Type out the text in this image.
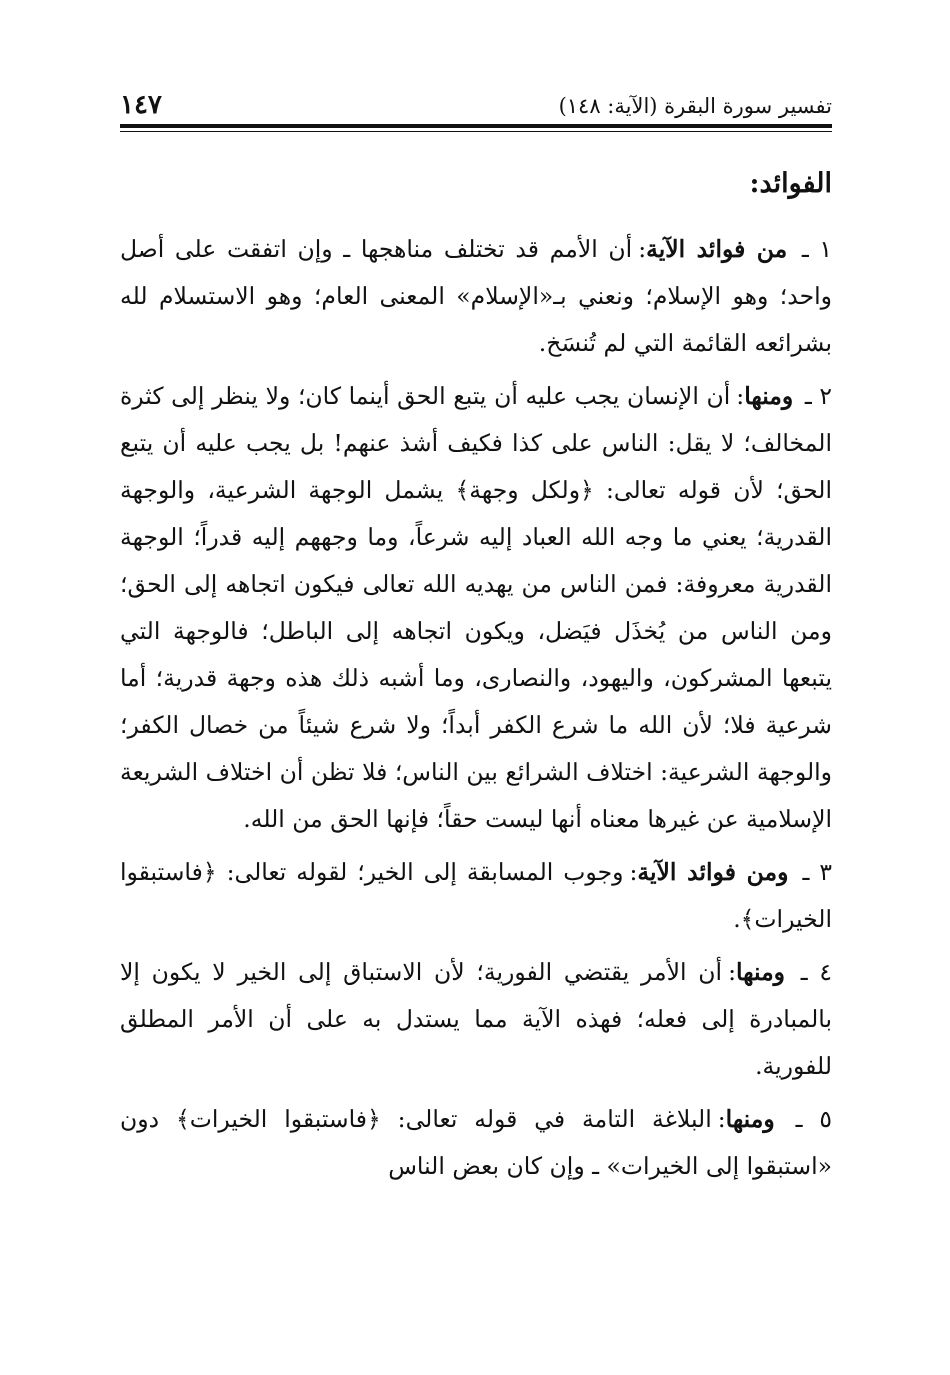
تفسير سورة البقرة (الآية: ١٤٨)
١٤٧
الفوائد:

١ ـ من فوائد الآية:أن الأمم قد تختلف مناهجها ـ وإن اتفقت على أصل واحد؛ وهو الإسلام؛ ونعني بـ«الإسلام» المعنى العام؛ وهو الاستسلام لله بشرائعه القائمة التي لم تُنسَخ.

٢ ـ ومنها:أن الإنسان يجب عليه أن يتبع الحق أينما كان؛ ولا ينظر إلى كثرة المخالف؛ لا يقل: الناس على كذا فكيف أشذ عنهم! بل يجب عليه أن يتبع الحق؛ لأن قوله تعالى: ﴿ولكل وجهة﴾ يشمل الوجهة الشرعية، والوجهة القدرية؛ يعني ما وجه الله العباد إليه شرعاً، وما وجههم إليه قدراً؛ الوجهة القدرية معروفة: فمن الناس من يهديه الله تعالى فيكون اتجاهه إلى الحق؛ ومن الناس من يُخذَل فيَضل، ويكون اتجاهه إلى الباطل؛ فالوجهة التي يتبعها المشركون، واليهود، والنصارى، وما أشبه ذلك هذه وجهة قدرية؛ أما شرعية فلا؛ لأن الله ما شرع الكفر أبداً؛ ولا شرع شيئاً من خصال الكفر؛ والوجهة الشرعية: اختلاف الشرائع بين الناس؛ فلا تظن أن اختلاف الشريعة الإسلامية عن غيرها معناه أنها ليست حقاً؛ فإنها الحق من الله.

٣ ـ ومن فوائد الآية:وجوب المسابقة إلى الخير؛ لقوله تعالى: ﴿فاستبقوا الخيرات﴾.

٤ ـ ومنها:أن الأمر يقتضي الفورية؛ لأن الاستباق إلى الخير لا يكون إلا بالمبادرة إلى فعله؛ فهذه الآية مما يستدل به على أن الأمر المطلق للفورية.

٥ ـ ومنها:البلاغة التامة في قوله تعالى: ﴿فاستبقوا الخيرات﴾ دون «استبقوا إلى الخيرات» ـ وإن كان بعض الناس
